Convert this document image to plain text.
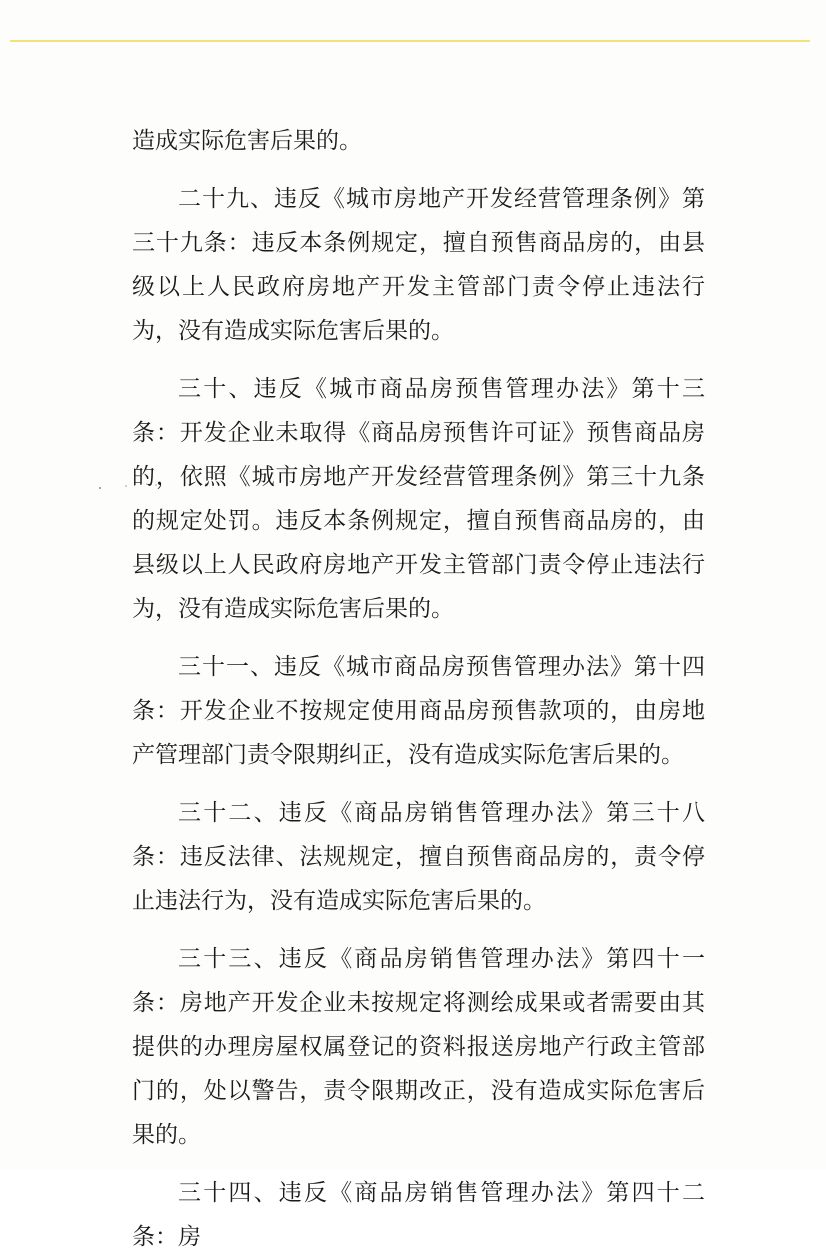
造成实际危害后果的。

二十九、违反《城市房地产开发经营管理条例》第三十九条：违反本条例规定，擅自预售商品房的，由县级以上人民政府房地产开发主管部门责令停止违法行为，没有造成实际危害后果的。

三十、违反《城市商品房预售管理办法》第十三条：开发企业未取得《商品房预售许可证》预售商品房的，依照《城市房地产开发经营管理条例》第三十九条的规定处罚。违反本条例规定，擅自预售商品房的，由县级以上人民政府房地产开发主管部门责令停止违法行为，没有造成实际危害后果的。

三十一、违反《城市商品房预售管理办法》第十四条：开发企业不按规定使用商品房预售款项的，由房地产管理部门责令限期纠正，没有造成实际危害后果的。

三十二、违反《商品房销售管理办法》第三十八条：违反法律、法规规定，擅自预售商品房的，责令停止违法行为，没有造成实际危害后果的。

三十三、违反《商品房销售管理办法》第四十一条：房地产开发企业未按规定将测绘成果或者需要由其提供的办理房屋权属登记的资料报送房地产行政主管部门的，处以警告，责令限期改正，没有造成实际危害后果的。

三十四、违反《商品房销售管理办法》第四十二条：房
